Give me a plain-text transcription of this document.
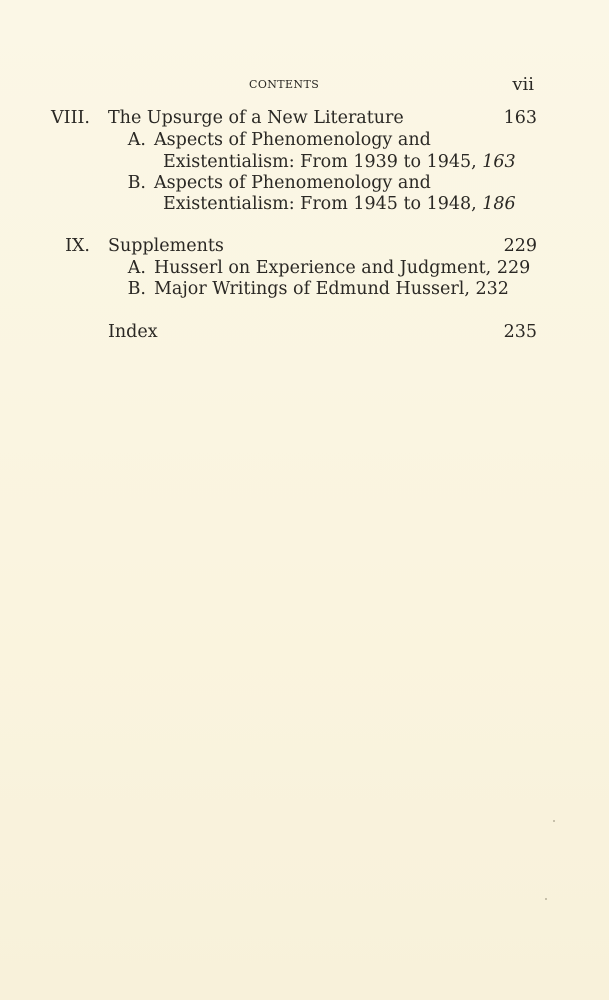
CONTENTS	vii
VIII. The Upsurge of a New Literature	163
A. Aspects of Phenomenology and
Existentialism: From 1939 to 1945, 163
B. Aspects of Phenomenology and
Existentialism: From 1945 to 1948, 186
IX. Supplements	229
A. Husserl on Experience and Judgment, 229
B. Major Writings of Edmund Husserl, 232
Index	235
